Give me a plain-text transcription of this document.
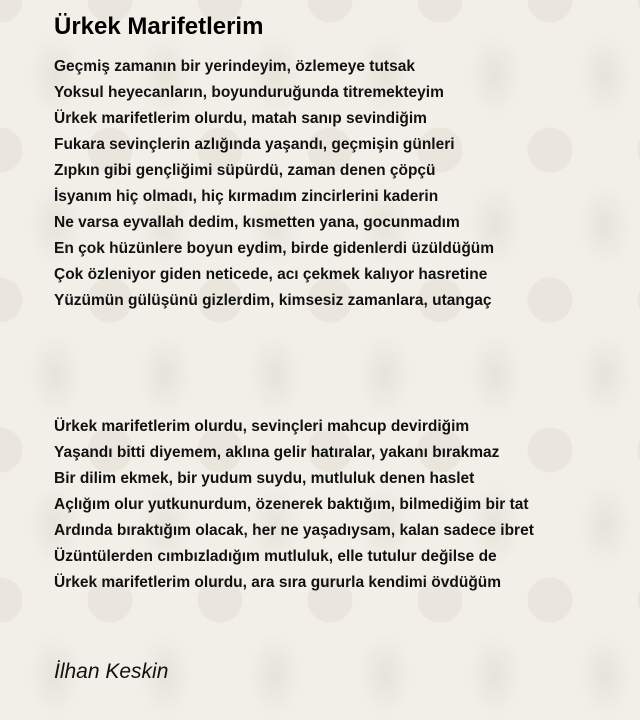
Ürkek Marifetlerim
Geçmiş zamanın bir yerindeyim, özlemeye tutsak
Yoksul heyecanların, boyunduruğunda titremekteyim
Ürkek marifetlerim olurdu, matah sanıp sevindiğim
Fukara sevinçlerin azlığında yaşandı, geçmişin günleri
Zıpkın gibi gençliğimi süpürdü, zaman denen çöpçü
İsyanım hiç olmadı, hiç kırmadım zincirlerini kaderin
Ne varsa eyvallah dedim, kısmetten yana, gocunmadım
En çok hüzünlere boyun eydim, birde gidenlerdi üzüldüğüm
Çok özleniyor giden neticede, acı çekmek kalıyor hasretine
Yüzümün gülüşünü gizlerdim, kimsesiz zamanlara, utangaç
Ürkek marifetlerim olurdu, sevinçleri mahcup devirdiğim
Yaşandı bitti diyemem, aklına gelir hatıralar, yakanı bırakmaz
Bir dilim ekmek, bir yudum suydu, mutluluk denen haslet
Açlığım olur yutkunurdum, özenerek baktığım, bilmediğim bir tat
Ardında bıraktığım olacak, her ne yaşadıysam, kalan sadece ibret
Üzüntülerden cımbızladığım mutluluk, elle tutulur değilse de
Ürkek marifetlerim olurdu, ara sıra gururla kendimi övdüğüm

İlhan Keskin
